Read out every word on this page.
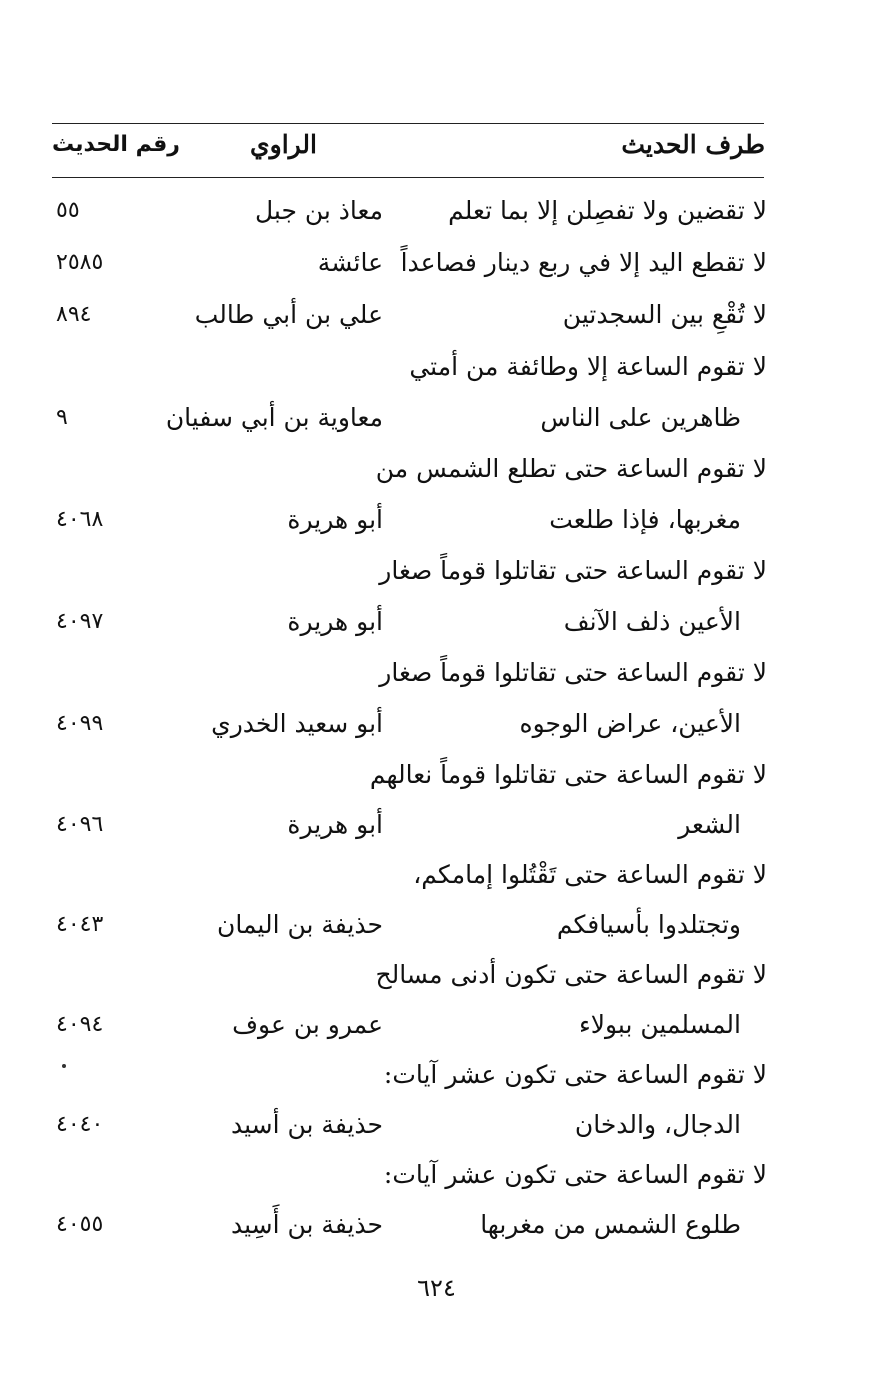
طرف الحديث
الراوي
رقم الحديث
لا تقضين ولا تفصِلن إلا بما تعلم
معاذ بن جبل
٥٥
لا تقطع اليد إلا في ربع دينار فصاعداً
عائشة
٢٥٨٥
لا تُقْعِ بين السجدتين
علي بن أبي طالب
٨٩٤
لا تقوم الساعة إلا وطائفة من أمتي
ظاهرين على الناس
معاوية بن أبي سفيان
٩
لا تقوم الساعة حتى تطلع الشمس من
مغربها، فإذا طلعت
أبو هريرة
٤٠٦٨
لا تقوم الساعة حتى تقاتلوا قوماً صغار
الأعين ذلف الآنف
أبو هريرة
٤٠٩٧
لا تقوم الساعة حتى تقاتلوا قوماً صغار
الأعين، عراض الوجوه
أبو سعيد الخدري
٤٠٩٩
لا تقوم الساعة حتى تقاتلوا قوماً نعالهم
الشعر
أبو هريرة
٤٠٩٦
لا تقوم الساعة حتى تَقْتُلوا إمامكم،
وتجتلدوا بأسيافكم
حذيفة بن اليمان
٤٠٤٣
لا تقوم الساعة حتى تكون أدنى مسالح
المسلمين ببولاء
عمرو بن عوف
٤٠٩٤
لا تقوم الساعة حتى تكون عشر آيات:
الدجال، والدخان
حذيفة بن أسيد
٤٠٤٠
لا تقوم الساعة حتى تكون عشر آيات:
طلوع الشمس من مغربها
حذيفة بن أَسِيد
٤٠٥٥
٦٢٤
